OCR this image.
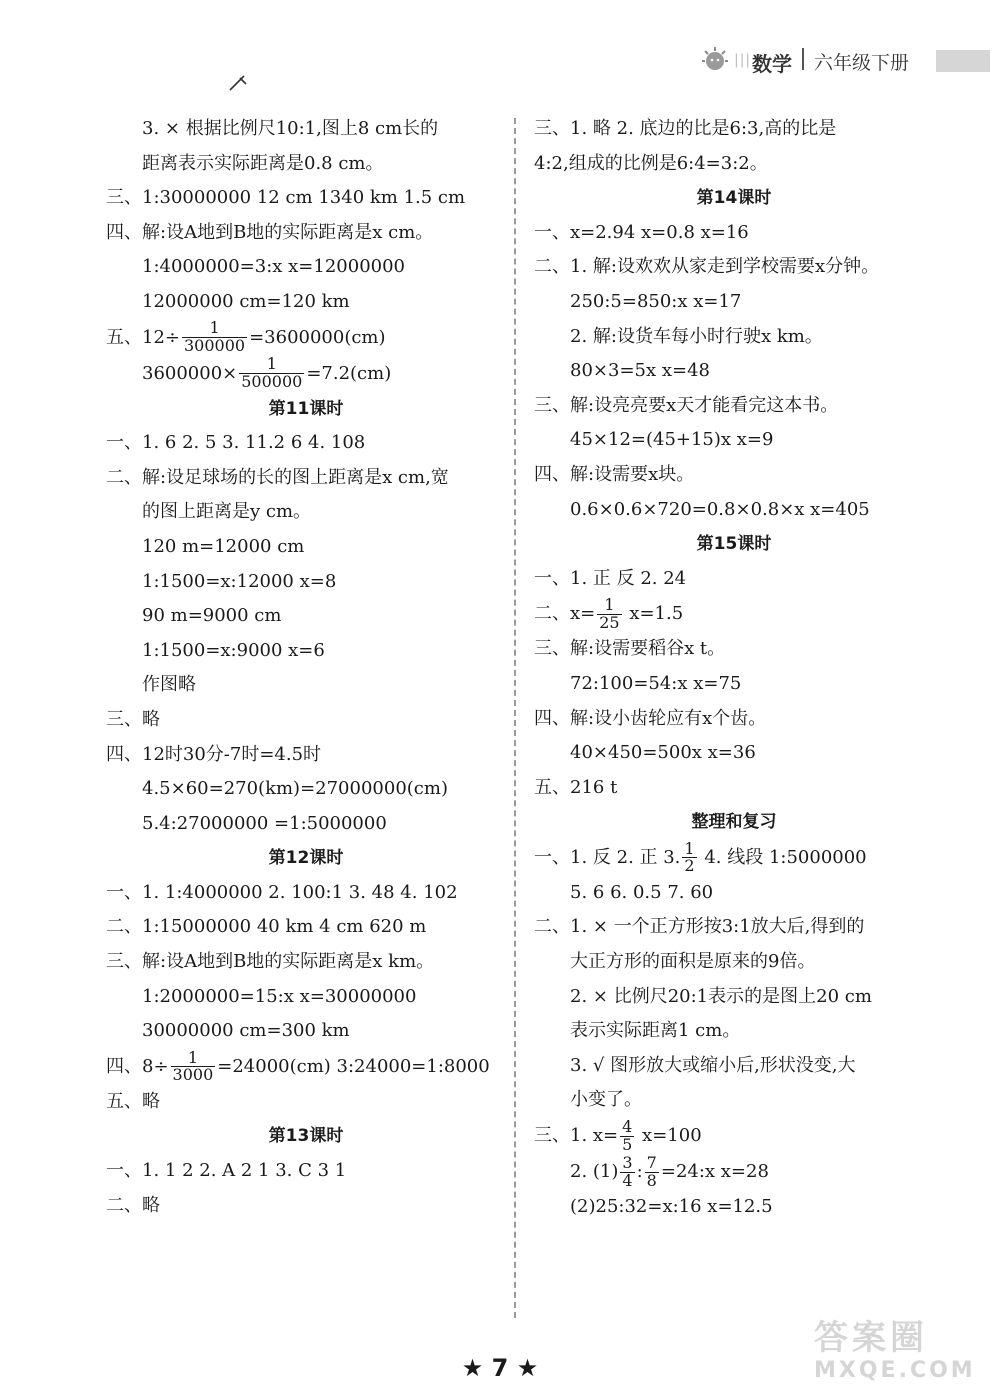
||| 数学 六年级下册
3. × 根据比例尺10:1,图上8 cm长的
距离表示实际距离是0.8 cm。
三、1:30000000 12 cm 1340 km 1.5 cm
四、解:设A地到B地的实际距离是x cm。
1:4000000=3:x x=12000000
12000000 cm=120 km
五、$12\div \frac{1}{300000} =3600000(cm)$
$3600000\times \frac{1}{500000} =7.2(cm)$
第11课时
一、1. 6 2. 5 3. 11.2 6 4. 108
二、解:设足球场的长的图上距离是x cm,宽
的图上距离是y cm。
120 m=12000 cm
1:1500=x:12000 x=8
90 m=9000 cm
1:1500=x:9000 x=6
作图略
三、略
四、12时30分-7时=4.5时
4.5×60=270(km)=27000000(cm)
5.4:27000000 =1:5000000
第12课时
一、1. 1:4000000 2. 100:1 3. 48 4. 102
二、1:15000000 40 km 4 cm 620 m
三、解:设A地到B地的实际距离是x km。
1:2000000=15:x x=30000000
30000000 cm=300 km
四、$8\div \frac{1}{3000} =24000(cm)$ 3:24000=1:8000
五、略
第13课时
一、1. 1 2 2. A 2 1 3. C 3 1
二、略
三、1. 略 2. 底边的比是6:3,高的比是
4:2,组成的比例是6:4=3:2。
第14课时
一、x=2.94 x=0.8 x=16
二、1. 解:设欢欢从家走到学校需要x分钟。
250:5=850:x x=17
2. 解:设货车每小时行驶x km。
80×3=5x x=48
三、解:设亮亮要x天才能看完这本书。
45×12=(45+15)x x=9
四、解:设需要x块。
0.6×0.6×720=0.8×0.8×x x=405
第15课时
一、1. 正 反 2. 24
二、$x= \frac{1}{25} x=1.5$
三、解:设需要稻谷x t。
72:100=54:x x=75
四、解:设小齿轮应有x个齿。
40×450=500x x=36
五、216 t
整理和复习
一、1. 反 2. 正 3. $\frac{1}{2} 4$. 线段 1:5000000
5. 6 6. 0.5 7. 60
二、1. × 一个正方形按3:1放大后,得到的
大正方形的面积是原来的9倍。
2. × 比例尺20:1表示的是图上20 cm
表示实际距离1 cm。
3. √ 图形放大或缩小后,形状没变,大
小变了。
三、1. $x= \frac{4}{5} x=100$
2. $(1) \frac{3}{4}$ : $\frac{7}{8}$ =24:x x=28
(2)25:32=x:16 x=12.5
★ 7 ★
答案圈
MXQE.COM
